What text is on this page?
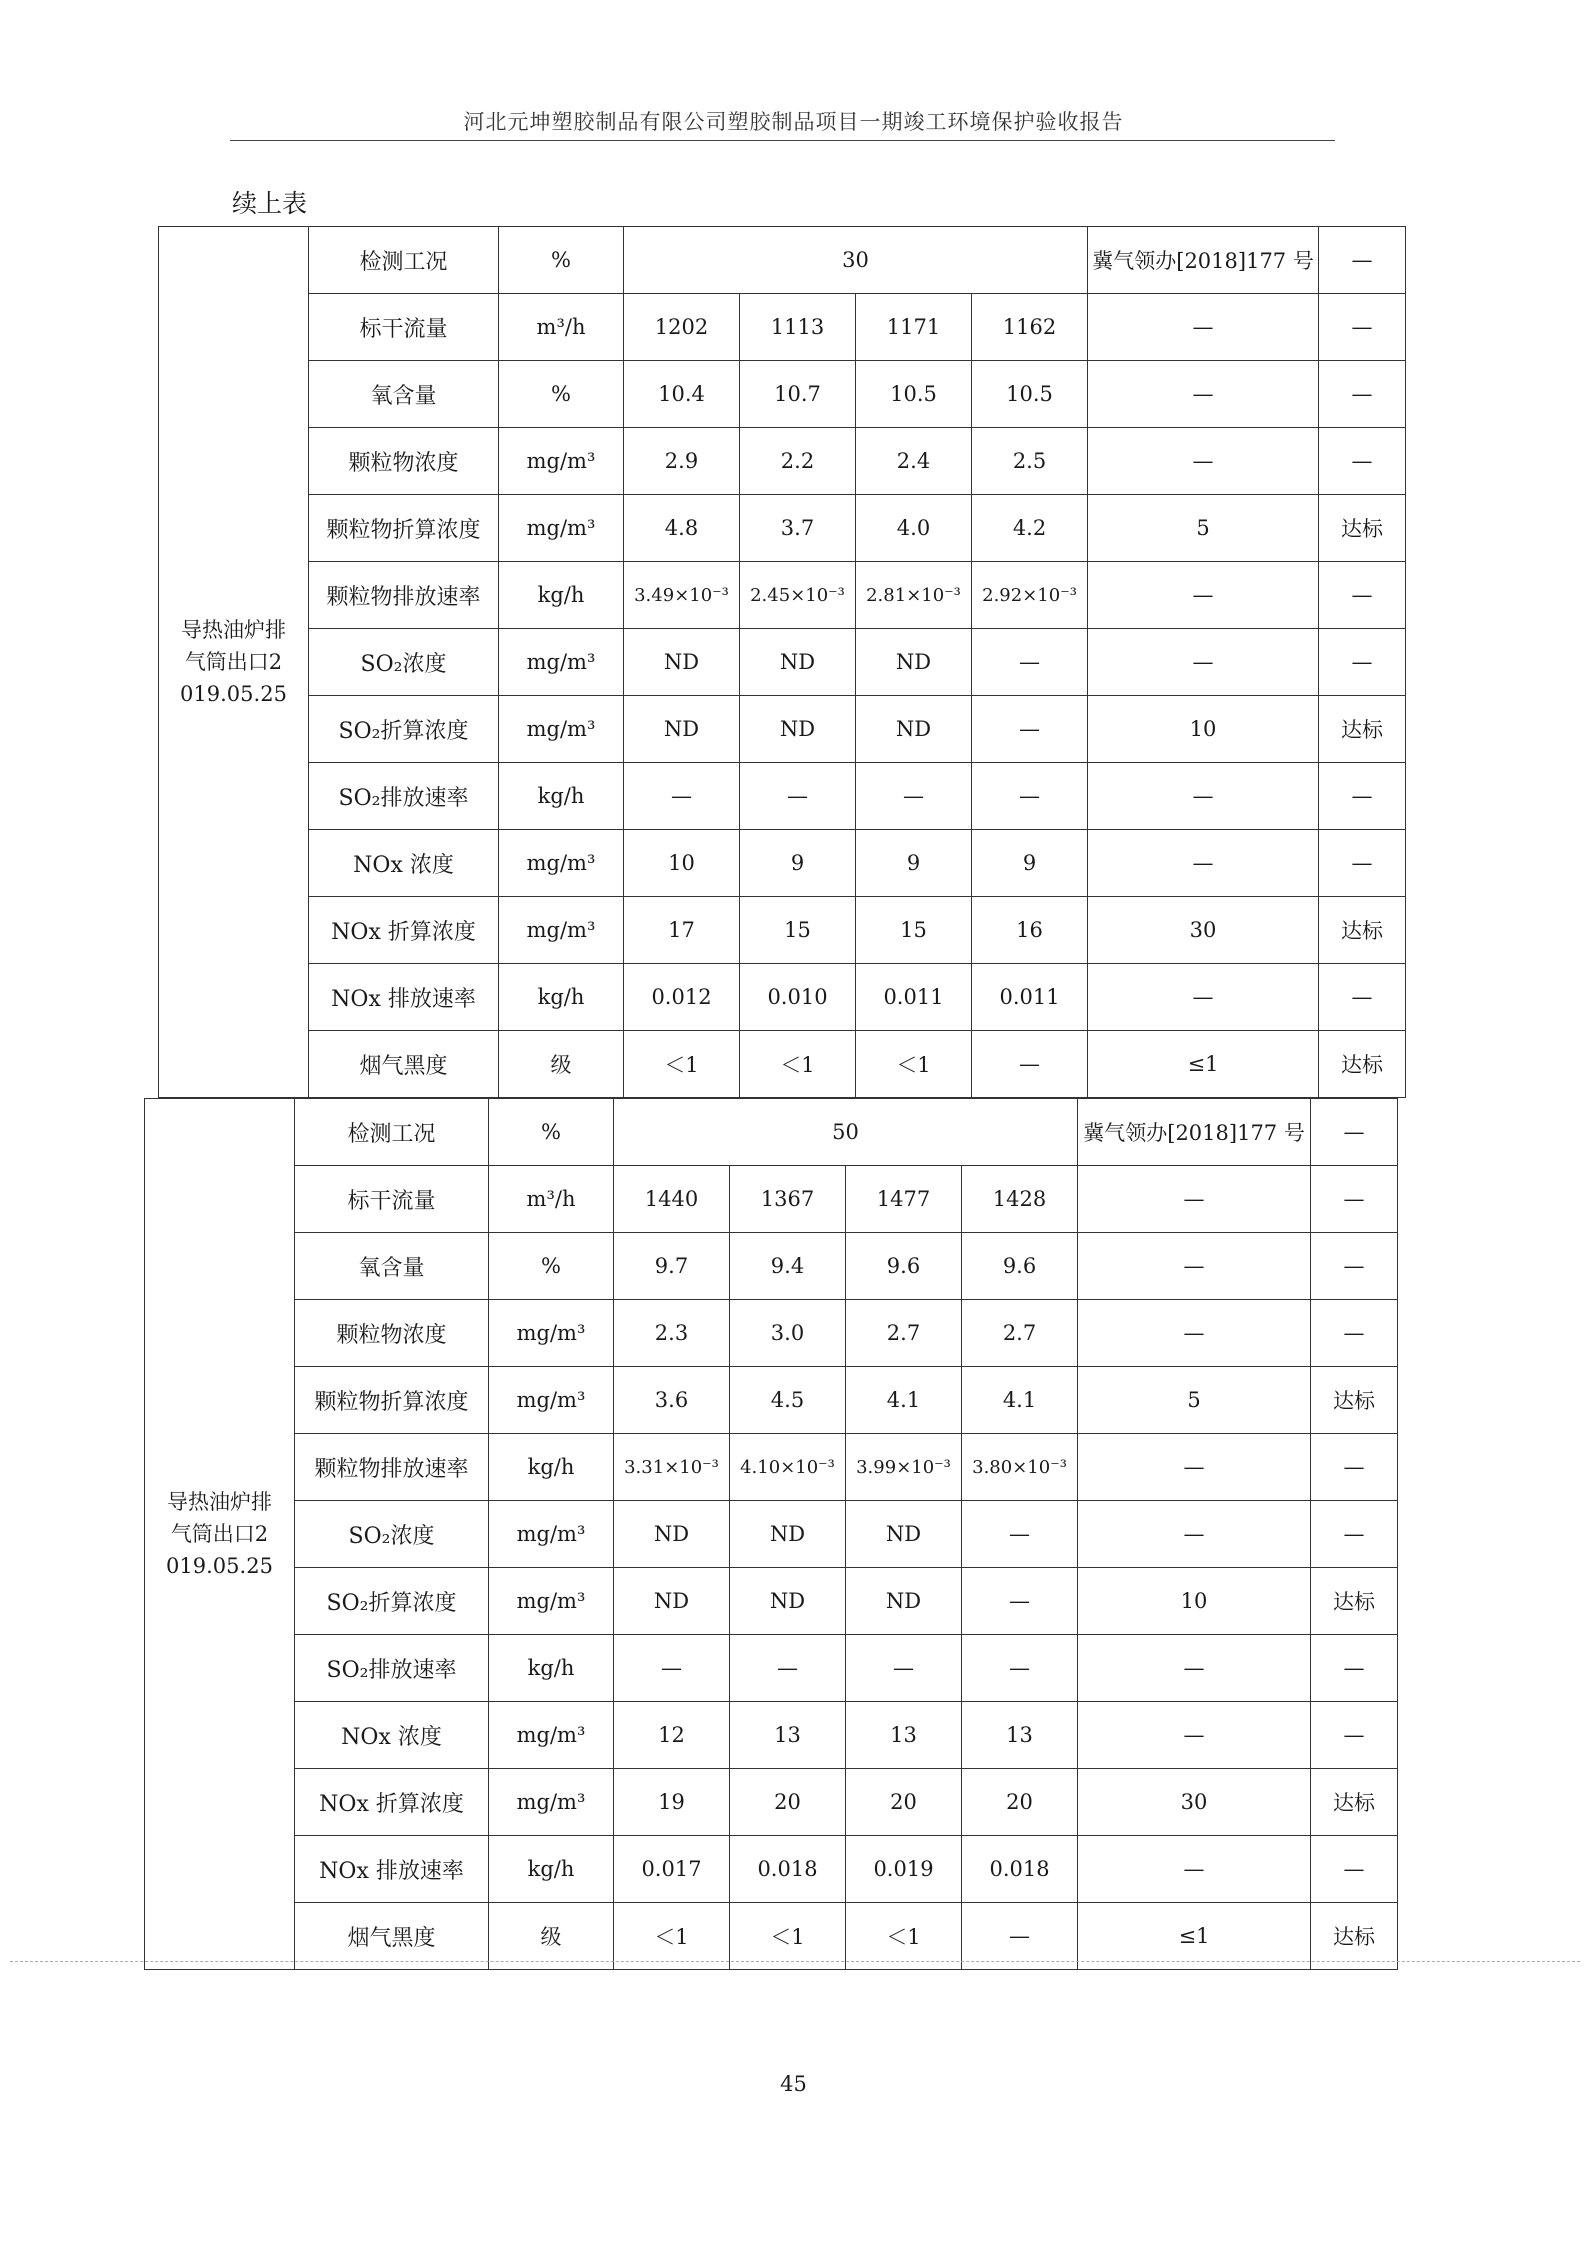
河北元坤塑胶制品有限公司塑胶制品项目一期竣工环境保护验收报告
续上表
导热油炉排
气筒出口2
019.05.25	检测工况	%	30				冀气领办[2018]177 号	—
	标干流量	m³/h	1202	1113	1171	1162	—	—
	氧含量	%	10.4	10.7	10.5	10.5	—	—
	颗粒物浓度	mg/m³	2.9	2.2	2.4	2.5	—	—
	颗粒物折算浓度	mg/m³	4.8	3.7	4.0	4.2	5	达标
	颗粒物排放速率	kg/h	3.49×10⁻³	2.45×10⁻³	2.81×10⁻³	2.92×10⁻³	—	—
	SO₂浓度	mg/m³	ND	ND	ND	—	—	—
	SO₂折算浓度	mg/m³	ND	ND	ND	—	10	达标
	SO₂排放速率	kg/h	—	—	—	—	—	—
	NOx 浓度	mg/m³	10	9	9	9	—	—
	NOx 折算浓度	mg/m³	17	15	15	16	30	达标
	NOx 排放速率	kg/h	0.012	0.010	0.011	0.011	—	—
	烟气黑度	级	＜1	＜1	＜1	—	≤1	达标
导热油炉排
气筒出口2
019.05.25	检测工况	%	50				冀气领办[2018]177 号	—
	标干流量	m³/h	1440	1367	1477	1428	—	—
	氧含量	%	9.7	9.4	9.6	9.6	—	—
	颗粒物浓度	mg/m³	2.3	3.0	2.7	2.7	—	—
	颗粒物折算浓度	mg/m³	3.6	4.5	4.1	4.1	5	达标
	颗粒物排放速率	kg/h	3.31×10⁻³	4.10×10⁻³	3.99×10⁻³	3.80×10⁻³	—	—
	SO₂浓度	mg/m³	ND	ND	ND	—	—	—
	SO₂折算浓度	mg/m³	ND	ND	ND	—	10	达标
	SO₂排放速率	kg/h	—	—	—	—	—	—
	NOx 浓度	mg/m³	12	13	13	13	—	—
	NOx 折算浓度	mg/m³	19	20	20	20	30	达标
	NOx 排放速率	kg/h	0.017	0.018	0.019	0.018	—	—
	烟气黑度	级	＜1	＜1	＜1	—	≤1	达标
45
